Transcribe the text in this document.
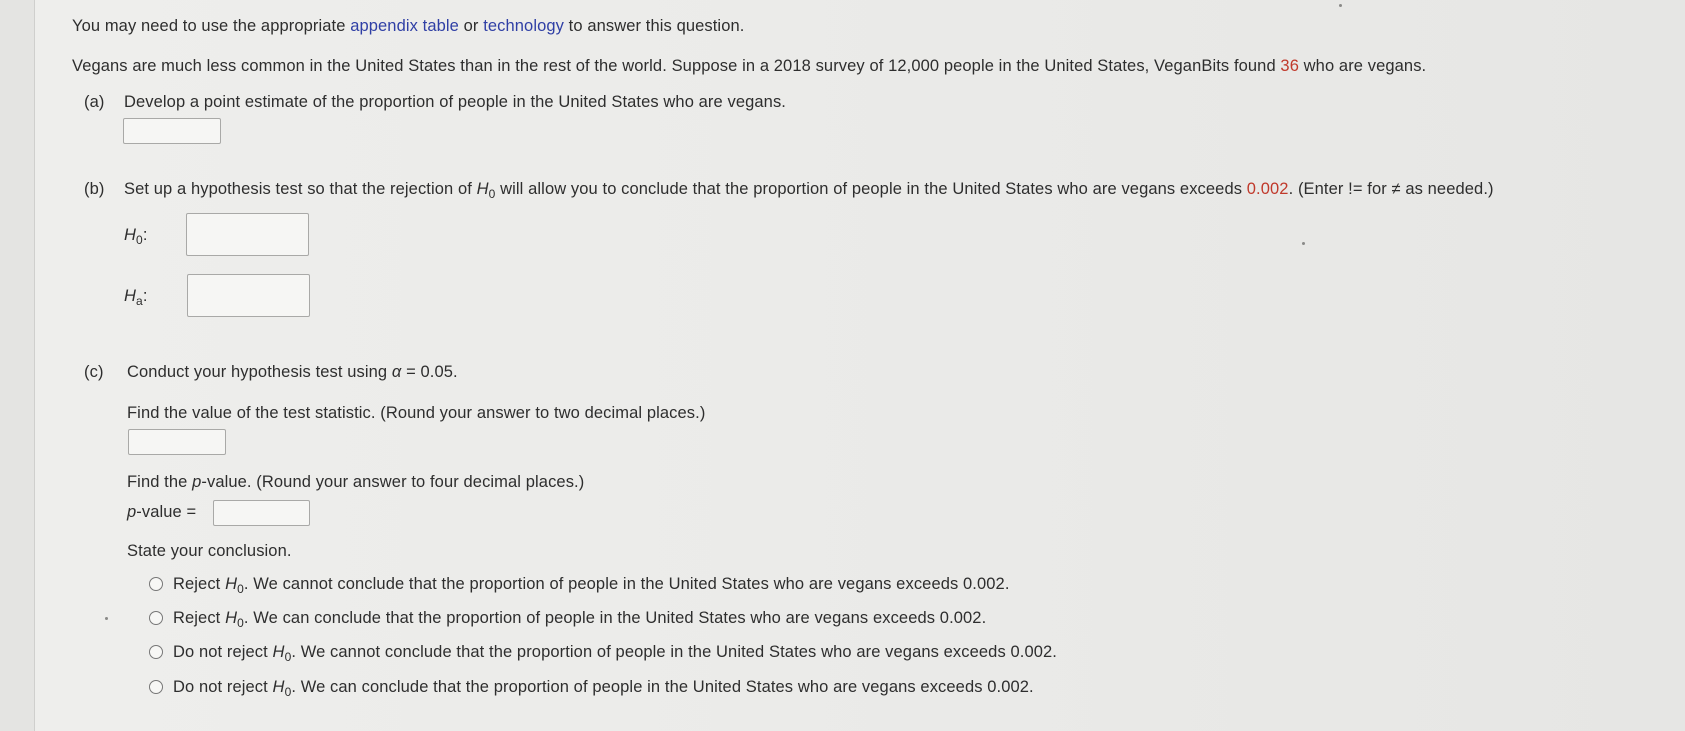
You may need to use the appropriate appendix table or technology to answer this question.
Vegans are much less common in the United States than in the rest of the world. Suppose in a 2018 survey of 12,000 people in the United States, VeganBits found 36 who are vegans.
(a) Develop a point estimate of the proportion of people in the United States who are vegans.
(b) Set up a hypothesis test so that the rejection of $H_0$ will allow you to conclude that the proportion of people in the United States who are vegans exceeds 0.002. (Enter != for ≠ as needed.)
$H_0$:
$H_a$:
(c) Conduct your hypothesis test using α = 0.05.
Find the value of the test statistic. (Round your answer to two decimal places.)
Find the p-value. (Round your answer to four decimal places.)
p-value =
State your conclusion.
Reject $H_0$. We cannot conclude that the proportion of people in the United States who are vegans exceeds 0.002.
Reject $H_0$. We can conclude that the proportion of people in the United States who are vegans exceeds 0.002.
Do not reject $H_0$. We cannot conclude that the proportion of people in the United States who are vegans exceeds 0.002.
Do not reject $H_0$. We can conclude that the proportion of people in the United States who are vegans exceeds 0.002.
